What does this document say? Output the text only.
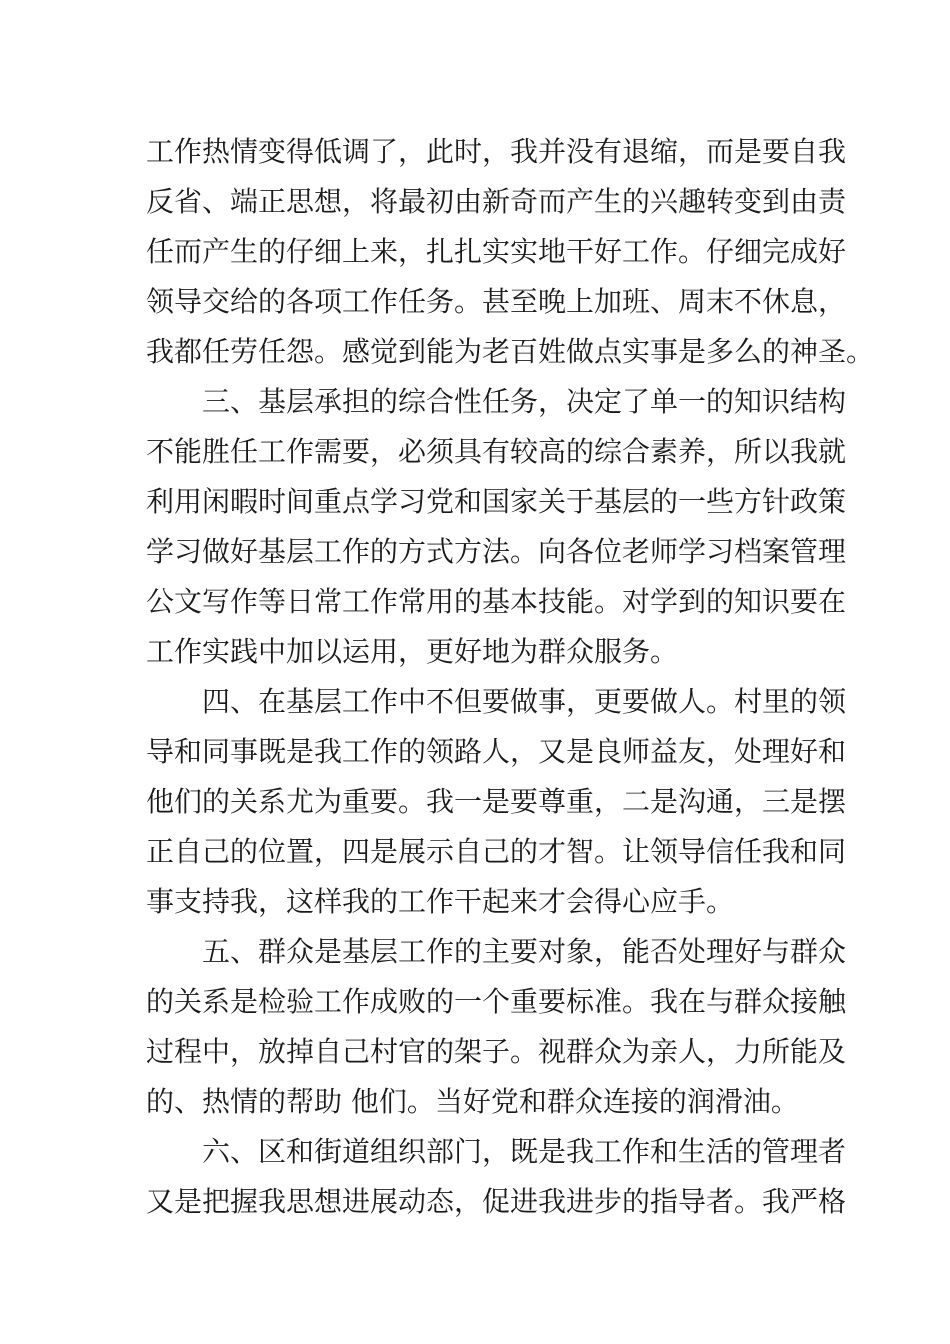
工作热情变得低调了，此时，我并没有退缩，而是要自我
反省、端正思想，将最初由新奇而产生的兴趣转变到由责
任而产生的仔细上来，扎扎实实地干好工作。仔细完成好
领导交给的各项工作任务。甚至晚上加班、周末不休息，
我都任劳任怨。感觉到能为老百姓做点实事是多么的神圣。
三、基层承担的综合性任务，决定了单一的知识结构
不能胜任工作需要，必须具有较高的综合素养，所以我就
利用闲暇时间重点学习党和国家关于基层的一些方针政策
学习做好基层工作的方式方法。向各位老师学习档案管理
公文写作等日常工作常用的基本技能。对学到的知识要在
工作实践中加以运用，更好地为群众服务。
四、在基层工作中不但要做事，更要做人。村里的领
导和同事既是我工作的领路人，又是良师益友，处理好和
他们的关系尤为重要。我一是要尊重，二是沟通，三是摆
正自己的位置，四是展示自己的才智。让领导信任我和同
事支持我，这样我的工作干起来才会得心应手。
五、群众是基层工作的主要对象，能否处理好与群众
的关系是检验工作成败的一个重要标准。我在与群众接触
过程中，放掉自己村官的架子。视群众为亲人，力所能及
的、热情的帮助 他们。当好党和群众连接的润滑油。
六、区和街道组织部门，既是我工作和生活的管理者
又是把握我思想进展动态，促进我进步的指导者。我严格
